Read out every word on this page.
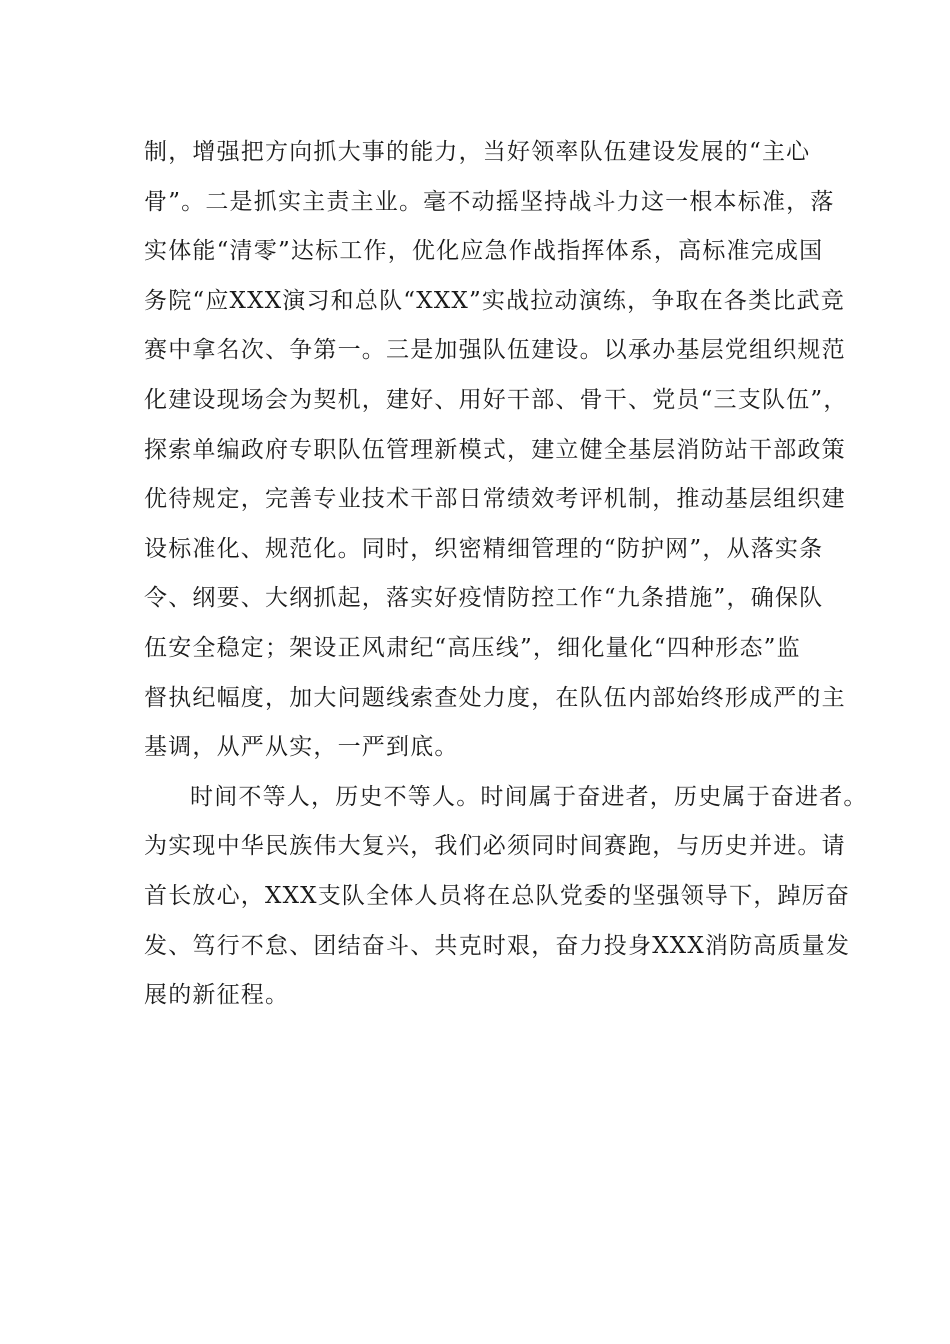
制，增强把方向抓大事的能力，当好领率队伍建设发展的“主心
骨”。二是抓实主责主业。毫不动摇坚持战斗力这一根本标准，落
实体能“清零”达标工作，优化应急作战指挥体系，高标准完成国
务院“应XXX演习和总队“XXX”实战拉动演练，争取在各类比武竞
赛中拿名次、争第一。三是加强队伍建设。以承办基层党组织规范
化建设现场会为契机，建好、用好干部、骨干、党员“三支队伍”，
探索单编政府专职队伍管理新模式，建立健全基层消防站干部政策
优待规定，完善专业技术干部日常绩效考评机制，推动基层组织建
设标准化、规范化。同时，织密精细管理的“防护网”，从落实条
令、纲要、大纲抓起，落实好疫情防控工作“九条措施”，确保队
伍安全稳定；架设正风肃纪“高压线”，细化量化“四种形态”监
督执纪幅度，加大问题线索查处力度，在队伍内部始终形成严的主
基调，从严从实，一严到底。
时间不等人，历史不等人。时间属于奋进者，历史属于奋进者。
为实现中华民族伟大复兴，我们必须同时间赛跑，与历史并进。请
首长放心，XXX支队全体人员将在总队党委的坚强领导下，踔厉奋
发、笃行不怠、团结奋斗、共克时艰，奋力投身XXX消防高质量发
展的新征程。
